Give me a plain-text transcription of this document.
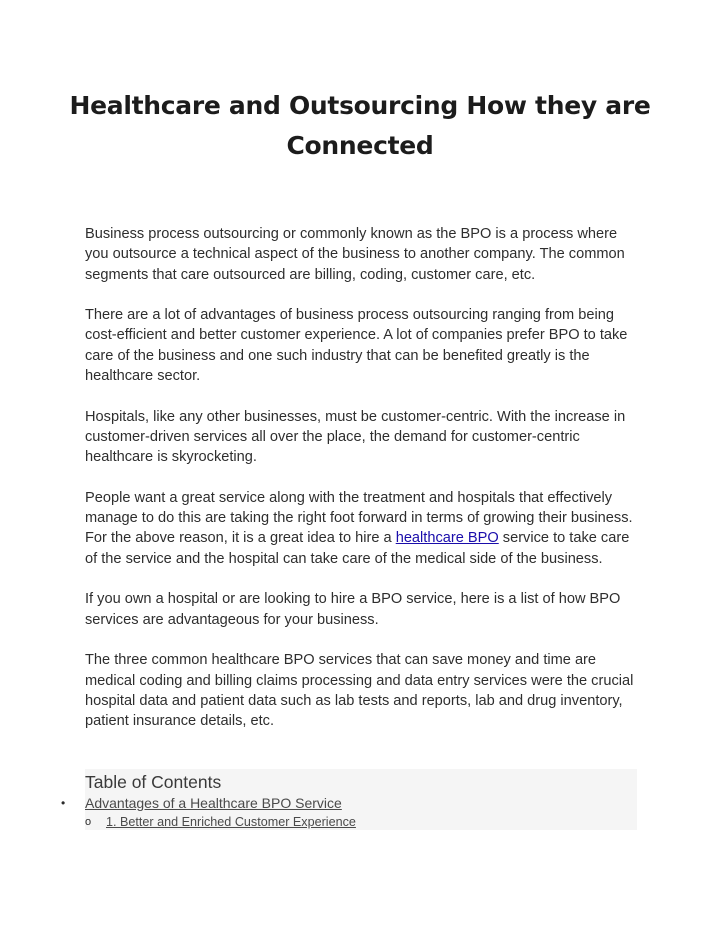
Healthcare and Outsourcing How they are Connected

Business process outsourcing or commonly known as the BPO is a process where you outsource a technical aspect of the business to another company. The common segments that care outsourced are billing, coding, customer care, etc.

There are a lot of advantages of business process outsourcing ranging from being cost-efficient and better customer experience. A lot of companies prefer BPO to take care of the business and one such industry that can be benefited greatly is the healthcare sector.

Hospitals, like any other businesses, must be customer-centric. With the increase in customer-driven services all over the place, the demand for customer-centric healthcare is skyrocketing.

People want a great service along with the treatment and hospitals that effectively manage to do this are taking the right foot forward in terms of growing their business. For the above reason, it is a great idea to hire a healthcare BPO service to take care of the service and the hospital can take care of the medical side of the business.

If you own a hospital or are looking to hire a BPO service, here is a list of how BPO services are advantageous for your business.

The three common healthcare BPO services that can save money and time are medical coding and billing claims processing and data entry services were the crucial hospital data and patient data such as lab tests and reports, lab and drug inventory, patient insurance details, etc.

Table of Contents
Advantages of a Healthcare BPO Service
1. Better and Enriched Customer Experience
•
o
